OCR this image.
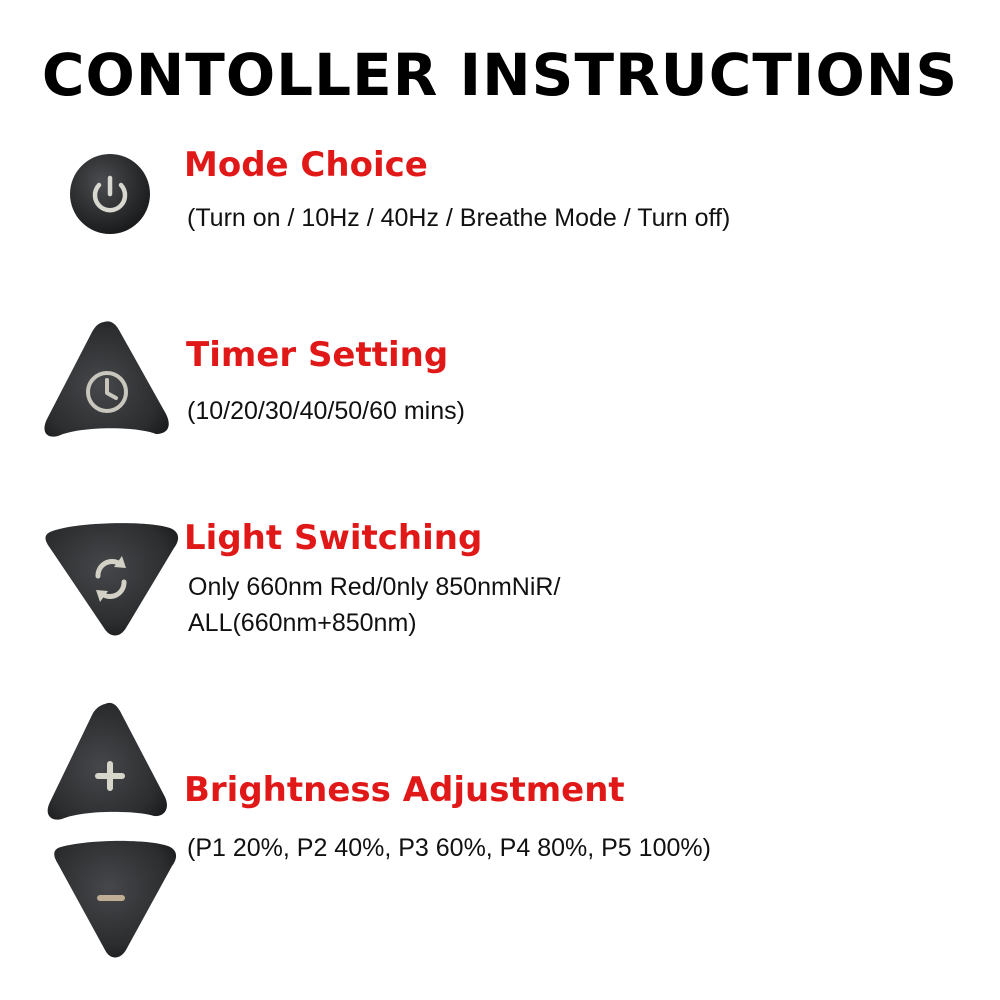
CONTOLLER INSTRUCTIONS
Mode Choice
(Turn on / 10Hz / 40Hz / Breathe Mode / Turn off)
Timer Setting
(10/20/30/40/50/60 mins)
Light Switching
Only 660nm Red/0nly 850nmNiR/
ALL(660nm+850nm)
Brightness Adjustment
(P1 20%, P2 40%, P3 60%, P4 80%, P5 100%)
